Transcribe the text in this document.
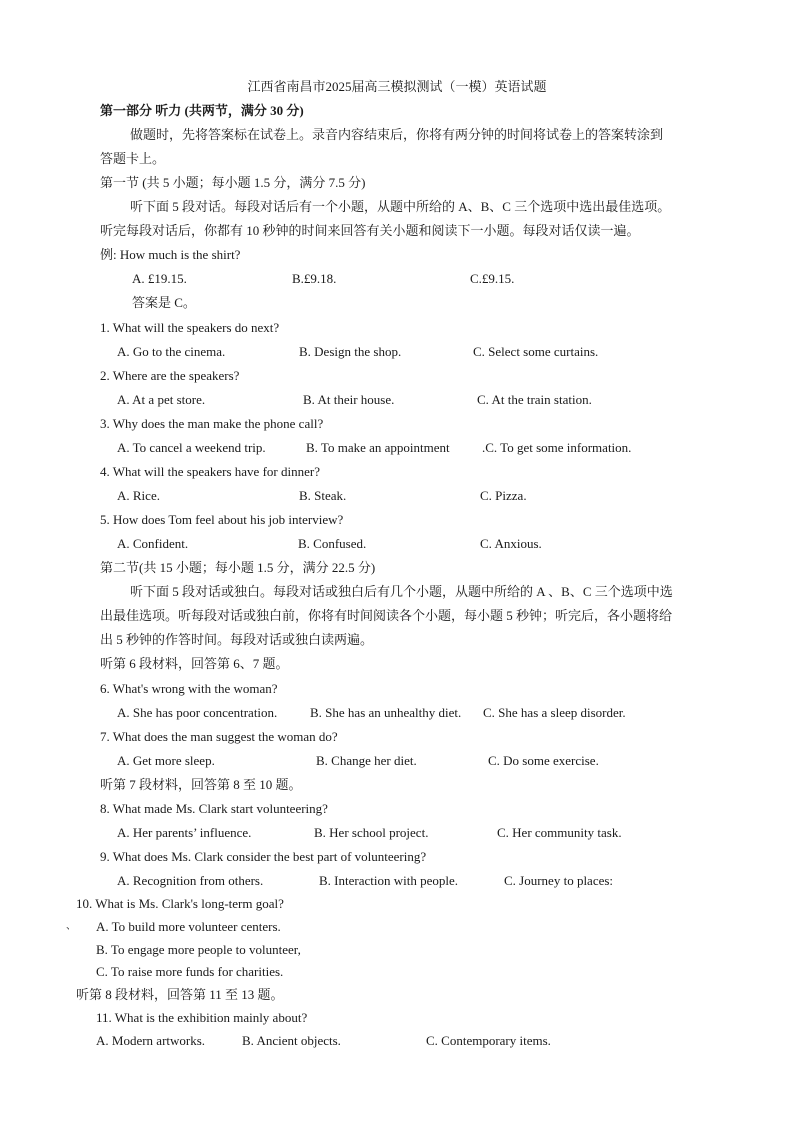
江西省南昌市2025届高三模拟测试（一模）英语试题
第一部分 听力 (共两节，满分 30 分)
做题时，先将答案标在试卷上。录音内容结束后，你将有两分钟的时间将试卷上的答案转涂到
答题卡上。
第一节 (共 5 小题；每小题 1.5 分，满分 7.5 分)
听下面 5 段对话。每段对话后有一个小题，从题中所给的 A、B、C 三个选项中选出最佳选项。
听完每段对话后，你都有 10 秒钟的时间来回答有关小题和阅读下一小题。每段对话仅读一遍。
例: How much is the shirt?
A. £19.15.	B.£9.18.	C.£9.15.
答案是 C。
1. What will the speakers do next?
A. Go to the cinema.	B. Design the shop.	C. Select some curtains.
2. Where are the speakers?
A. At a pet store.	B. At their house.	C. At the train station.
3. Why does the man make the phone call?
A. To cancel a weekend trip.	B. To make an appointment .C. To get some information.
4. What will the speakers have for dinner?
A. Rice.	B. Steak.	C. Pizza.
5. How does Tom feel about his job interview?
A. Confident.	B. Confused.	C. Anxious.
第二节(共 15 小题；每小题 1.5 分，满分 22.5 分)
听下面 5 段对话或独白。每段对话或独白后有几个小题，从题中所给的 A 、B、C 三个选项中选
出最佳选项。听每段对话或独白前，你将有时间阅读各个小题，每小题 5 秒钟；听完后，各小题将给
出 5 秒钟的作答时间。每段对话或独白读两遍。
听第 6 段材料，回答第 6、7 题。
6. What's wrong with the woman?
A. She has poor concentration.	B. She has an unhealthy diet. C. She has a sleep disorder.
7. What does the man suggest the woman do?
A. Get more sleep.	B. Change her diet.	C. Do some exercise.
听第 7 段材料，回答第 8 至 10 题。
8. What made Ms. Clark start volunteering?
A. Her parents’ influence.	B. Her school project.	C. Her community task.
9. What does Ms. Clark consider the best part of volunteering?
A. Recognition from others.	B. Interaction with people.	C. Journey to places:
10. What is Ms. Clark's long-term goal?
、 A. To build more volunteer centers.
B. To engage more people to volunteer,
C. To raise more funds for charities.
听第 8 段材料，回答第 11 至 13 题。
11. What is the exhibition mainly about?
A. Modern artworks.	B. Ancient objects.	C. Contemporary items.
